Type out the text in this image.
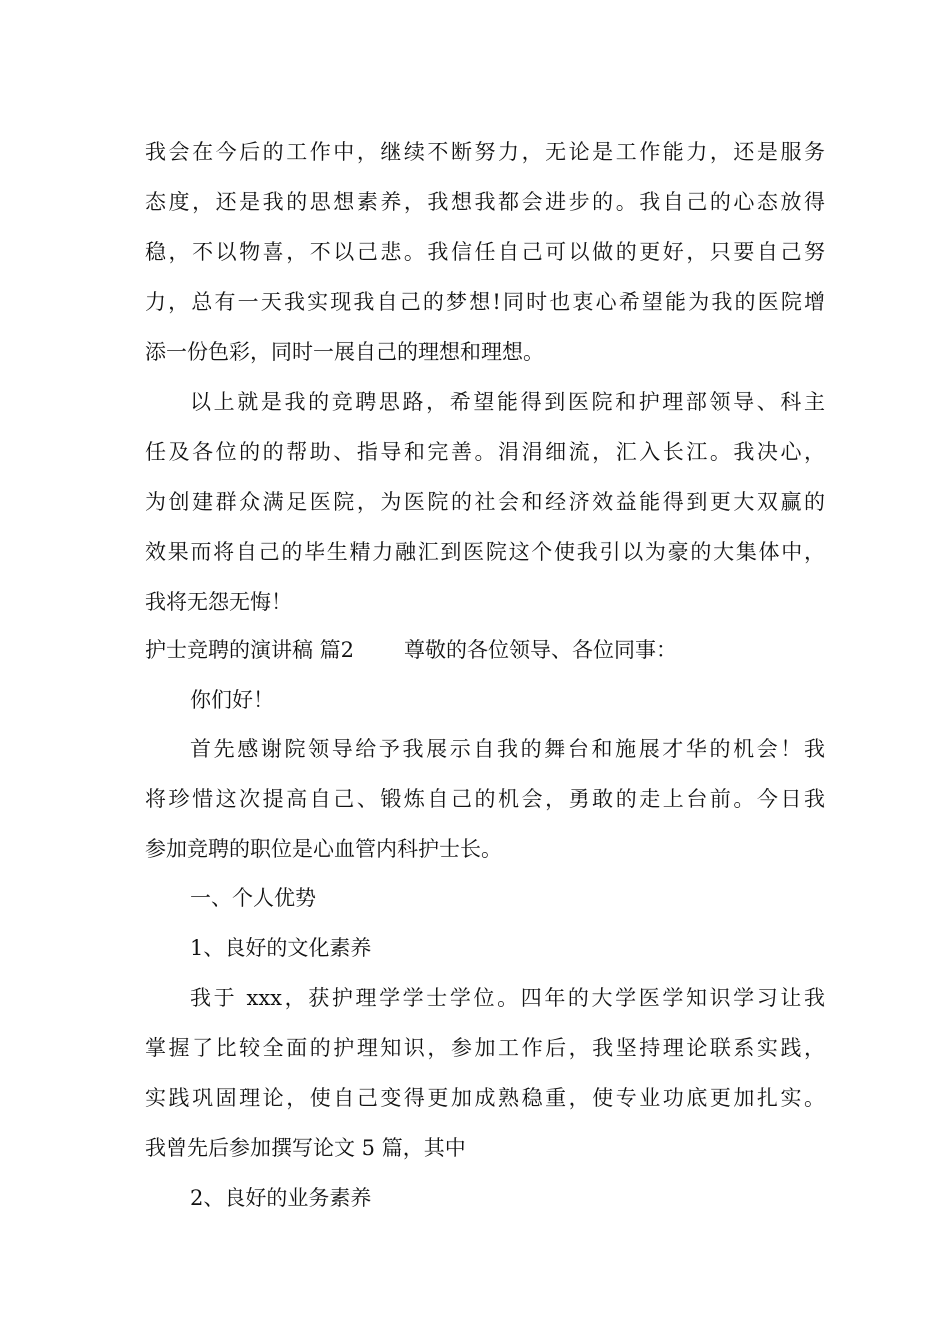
我会在今后的工作中，继续不断努力，无论是工作能力，还是服务
态度，还是我的思想素养，我想我都会进步的。我自己的心态放得
稳，不以物喜，不以己悲。我信任自己可以做的更好，只要自己努
力，总有一天我实现我自己的梦想!同时也衷心希望能为我的医院增
添一份色彩，同时一展自己的理想和理想。
以上就是我的竞聘思路，希望能得到医院和护理部领导、科主
任及各位的的帮助、指导和完善。涓涓细流，汇入长江。我决心，
为创建群众满足医院，为医院的社会和经济效益能得到更大双赢的
效果而将自己的毕生精力融汇到医院这个使我引以为豪的大集体中，
我将无怨无悔！
护士竞聘的演讲稿 篇2 尊敬的各位领导、各位同事：
你们好！
首先感谢院领导给予我展示自我的舞台和施展才华的机会！我
将珍惜这次提高自己、锻炼自己的机会，勇敢的走上台前。今日我
参加竞聘的职位是心血管内科护士长。
一、个人优势
1、良好的文化素养
我于 xxx，获护理学学士学位。四年的大学医学知识学习让我
掌握了比较全面的护理知识，参加工作后，我坚持理论联系实践，
实践巩固理论，使自己变得更加成熟稳重，使专业功底更加扎实。
我曾先后参加撰写论文 5 篇，其中
2、良好的业务素养
